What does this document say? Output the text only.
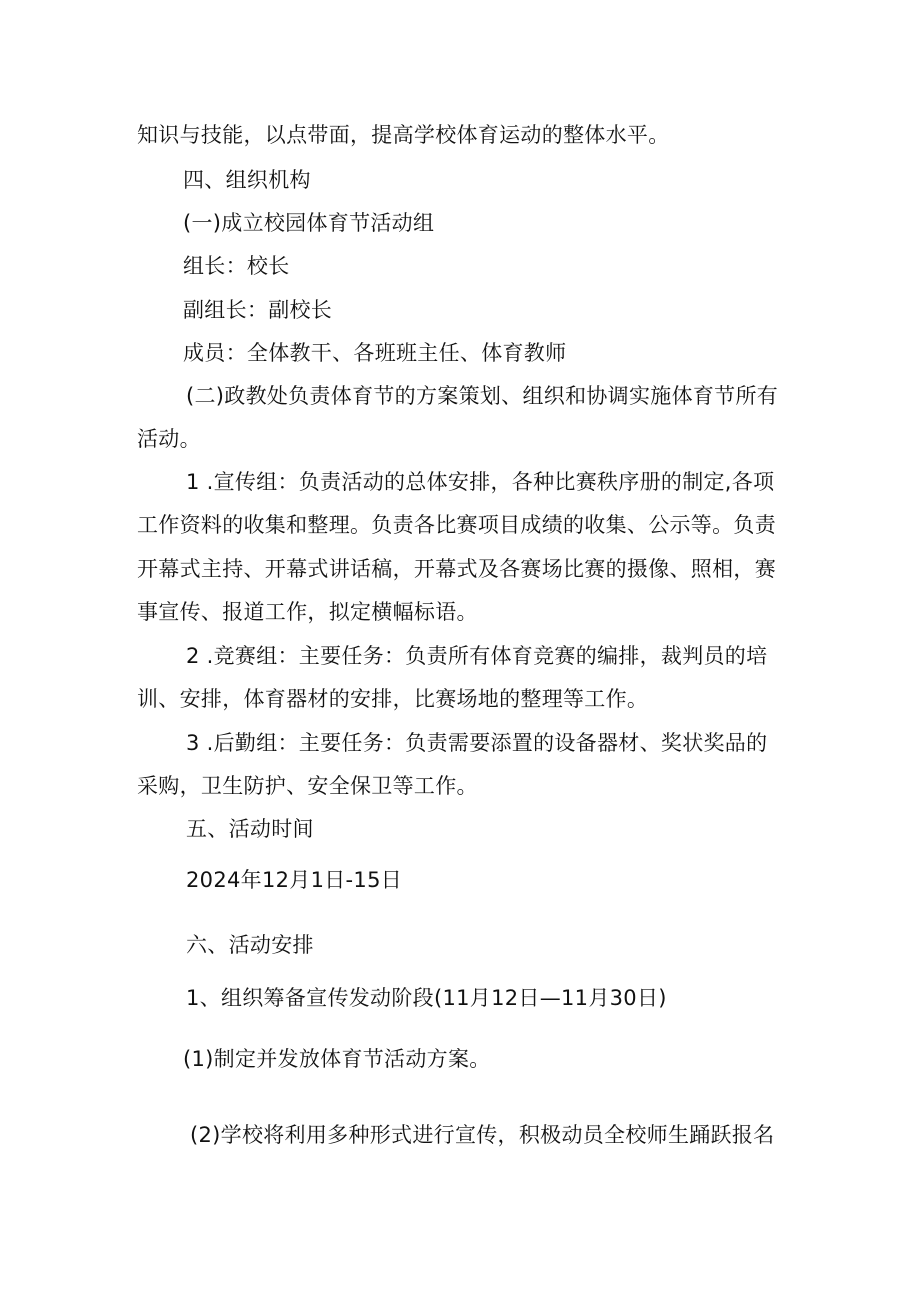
知识与技能，以点带面，提高学校体育运动的整体水平。
四、组织机构
(一)成立校园体育节活动组
组长：校长
副组长：副校长
成员：全体教干、各班班主任、体育教师
(二)政教处负责体育节的方案策划、组织和协调实施体育节所有
活动。
1 .宣传组：负责活动的总体安排，各种比赛秩序册的制定,各项
工作资料的收集和整理。负责各比赛项目成绩的收集、公示等。负责
开幕式主持、开幕式讲话稿，开幕式及各赛场比赛的摄像、照相，赛
事宣传、报道工作，拟定横幅标语。
2 .竞赛组：主要任务：负责所有体育竞赛的编排，裁判员的培
训、安排，体育器材的安排，比赛场地的整理等工作。
3 .后勤组：主要任务：负责需要添置的设备器材、奖状奖品的
采购，卫生防护、安全保卫等工作。
五、活动时间
2024年12月1日-15日
六、活动安排
1、组织筹备宣传发动阶段(11月12日—11月30日)
(1)制定并发放体育节活动方案。
(2)学校将利用多种形式进行宣传，积极动员全校师生踊跃报名
